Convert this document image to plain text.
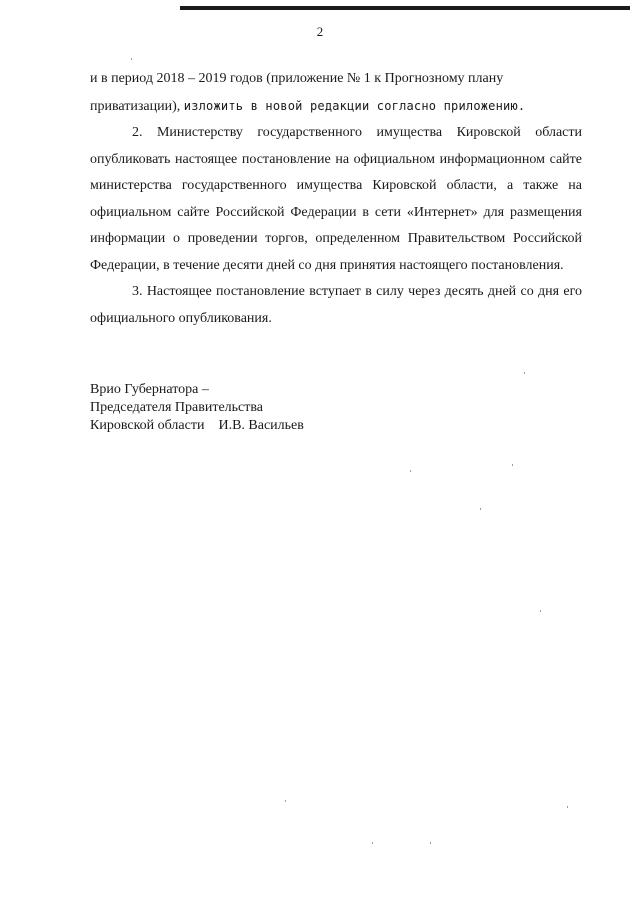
2

и в период 2018 – 2019 годов (приложение № 1 к Прогнозному плану
приватизации), изложить в новой редакции согласно приложению.

2. Министерству государственного имущества Кировской области опубликовать настоящее постановление на официальном информационном сайте министерства государственного имущества Кировской области, а также на официальном сайте Российской Федерации в сети «Интернет» для размещения информации о проведении торгов, определенном Правительством Российской Федерации, в течение десяти дней со дня принятия настоящего постановления.

3. Настоящее постановление вступает в силу через десять дней со дня его официального опубликования.

Врио Губернатора –
Председателя Правительства
Кировской области И.В. Васильев
